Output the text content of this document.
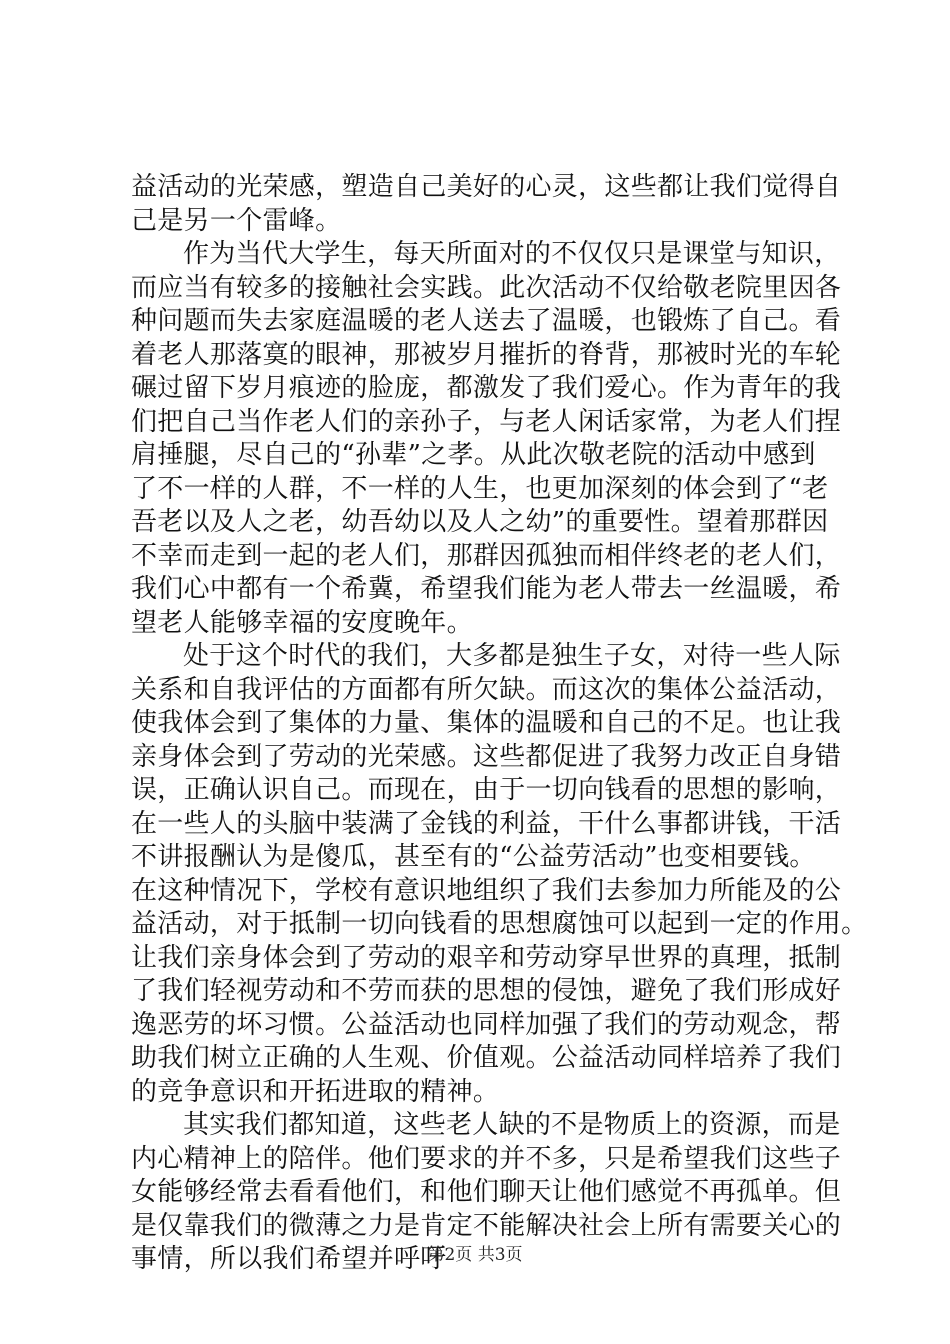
益活动的光荣感，塑造自己美好的心灵，这些都让我们觉得自
己是另一个雷峰。
作为当代大学生，每天所面对的不仅仅只是课堂与知识，
而应当有较多的接触社会实践。此次活动不仅给敬老院里因各
种问题而失去家庭温暖的老人送去了温暖，也锻炼了自己。看
着老人那落寞的眼神，那被岁月摧折的脊背，那被时光的车轮
碾过留下岁月痕迹的脸庞，都激发了我们爱心。作为青年的我
们把自己当作老人们的亲孙子，与老人闲话家常，为老人们捏
肩捶腿，尽自己的“孙辈”之孝。从此次敬老院的活动中感到
了不一样的人群，不一样的人生，也更加深刻的体会到了“老
吾老以及人之老，幼吾幼以及人之幼”的重要性。望着那群因
不幸而走到一起的老人们，那群因孤独而相伴终老的老人们，
我们心中都有一个希冀，希望我们能为老人带去一丝温暖，希
望老人能够幸福的安度晚年。
处于这个时代的我们，大多都是独生子女，对待一些人际
关系和自我评估的方面都有所欠缺。而这次的集体公益活动，
使我体会到了集体的力量、集体的温暖和自己的不足。也让我
亲身体会到了劳动的光荣感。这些都促进了我努力改正自身错
误，正确认识自己。而现在，由于一切向钱看的思想的影响，
在一些人的头脑中装满了金钱的利益，干什么事都讲钱，干活
不讲报酬认为是傻瓜，甚至有的“公益劳活动”也变相要钱。
在这种情况下，学校有意识地组织了我们去参加力所能及的公
益活动，对于抵制一切向钱看的思想腐蚀可以起到一定的作用。
让我们亲身体会到了劳动的艰辛和劳动穿早世界的真理，抵制
了我们轻视劳动和不劳而获的思想的侵蚀，避免了我们形成好
逸恶劳的坏习惯。公益活动也同样加强了我们的劳动观念，帮
助我们树立正确的人生观、价值观。公益活动同样培养了我们
的竞争意识和开拓进取的精神。
其实我们都知道，这些老人缺的不是物质上的资源，而是
内心精神上的陪伴。他们要求的并不多，只是希望我们这些子
女能够经常去看看他们，和他们聊天让他们感觉不再孤单。但
是仅靠我们的微薄之力是肯定不能解决社会上所有需要关心的
事情，所以我们希望并呼吁
第2页 共3页
